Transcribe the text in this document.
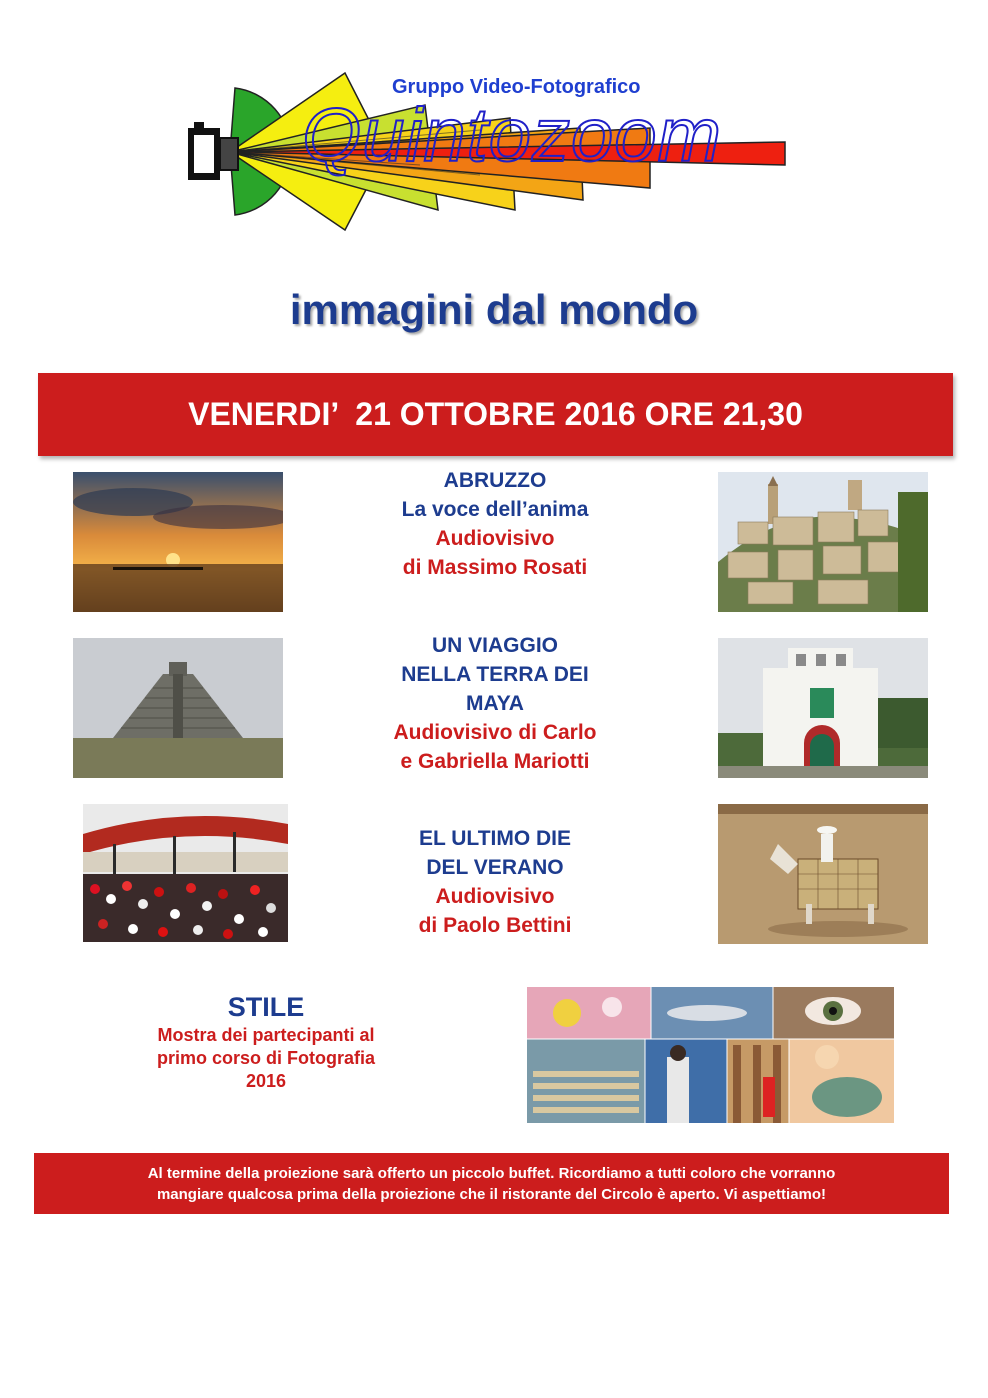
Gruppo Video-Fotografico
Quintozoom
immagini dal mondo
VENERDI’  21 OTTOBRE 2016 ORE 21,30
ABRUZZO
La voce dell’anima
Audiovisivo
di Massimo Rosati
UN VIAGGIO
NELLA TERRA DEI
MAYA
Audiovisivo di Carlo
e Gabriella Mariotti
EL ULTIMO DIE
DEL VERANO
Audiovisivo
di Paolo Bettini
STILE
Mostra dei partecipanti al
primo corso di Fotografia
2016
Al termine della proiezione sarà offerto un piccolo buffet. Ricordiamo a tutti coloro che vorranno
mangiare qualcosa prima della proiezione che il ristorante del Circolo è aperto. Vi aspettiamo!
